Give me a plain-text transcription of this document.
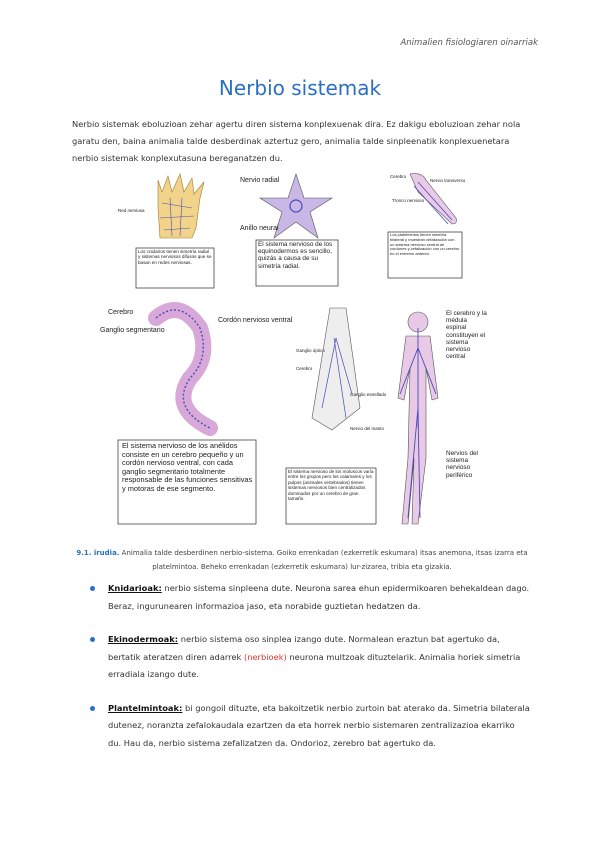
Animalien fisiologiaren oinarriak
Nerbio sistemak
Nerbio sistemak eboluzioan zehar agertu diren sistema konplexuenak dira. Ez dakigu eboluzioan zehar nola garatu den, baina animalia talde desberdinak aztertuz gero, animalia talde sinpleenatik konplexuenetara nerbio sistemak konplexutasuna bereganatzen du.
Red nerviosa
Los cnidarios tienen simetría radial y sistemas nerviosos difusos que se basan en redes nerviosas.
Nervio radial
Anillo neural
El sistema nervioso de los equinodermos es sencillo, quizás a causa de su simetría radial.
Cerebro
Nervio transverso
Tronco nervioso
Los platelmintos tienen simetría bilateral y muestran cefalización con un sistema nervioso central de cordones y cefalización con un cerebro en el extremo anterior.
Cerebro
Ganglio segmentario
Cordón nervioso ventral
El sistema nervioso de los anélidos consiste en un cerebro pequeño y un cordón nervioso ventral, con cada ganglio segmentario totalmente responsable de las funciones sensitivas y motoras de ese segmento.
Ganglio óptico
Cerebro
Ganglio estrellado
Nervio del manto
El sistema nervioso de los moluscos varía entre los grupos pero los calamares y los pulpos (animales vertebrados) tienen sistemas nerviosos bien centralizados dominados por un cerebro de gran tamaño.
El cerebro y la médula espinal constituyen el sistema nervioso central
Nervios del sistema nervioso periférico
9.1. irudia. Animalia talde desberdinen nerbio-sistema. Goiko errenkadan (ezkerretik eskumara) itsas anemona, itsas izarra eta platelmintoa. Beheko errenkadan (ezkerretik eskumara) lur-zizarea, tribia eta gizakia.
Knidarioak: nerbio sistema sinpleena dute. Neurona sarea ehun epidermikoaren behekaldean dago. Beraz, ingurunearen informazioa jaso, eta norabide guztietan hedatzen da.
Ekinodermoak: nerbio sistema oso sinplea izango dute. Normalean eraztun bat agertuko da, bertatik ateratzen diren adarrek (nerbioek) neurona multzoak dituztelarik. Animalia horiek simetria erradiala izango dute.
Plantelmintoak: bi gongoil dituzte, eta bakoitzetik nerbio zurtoin bat aterako da. Simetria bilaterala dutenez, noranzta zefalokaudala ezartzen da eta horrek nerbio sistemaren zentralizazioa ekarriko du. Hau da, nerbio sistema zefalizatzen da. Ondorioz, zerebro bat agertuko da.
